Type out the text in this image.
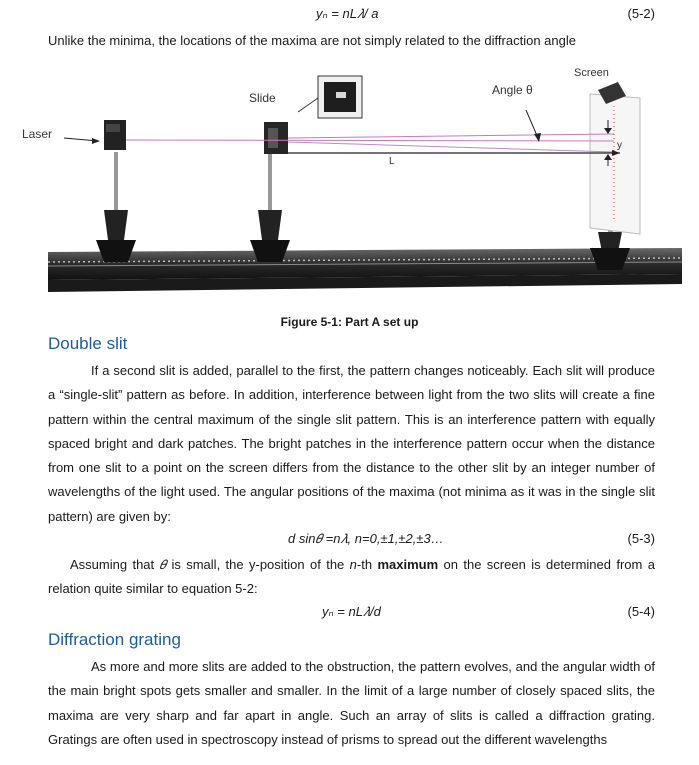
yₙ = nL𝜆/ a	(5-2)

Unlike the minima, the locations of the maxima are not simply related to the diffraction angle

Laser
Slide
Angle θ
Screen
L
y
Figure 5-1: Part A set up
Double slit

If a second slit is added, parallel to the first, the pattern changes noticeably. Each slit will produce a “single-slit” pattern as before. In addition, interference between light from the two slits will create a fine pattern within the central maximum of the single slit pattern. This is an interference pattern with equally spaced bright and dark patches. The bright patches in the interference pattern occur when the distance from one slit to a point on the screen differs from the distance to the other slit by an integer number of wavelengths of the light used. The angular positions of the maxima (not minima as it was in the single slit pattern) are given by:

d sin𝜃 =n𝜆, n=0,±1,±2,±3…	(5-3)

Assuming that 𝜃 is small, the y-position of the n-th maximum on the screen is determined from a relation quite similar to equation 5-2:

yₙ = nL𝜆/d	(5-4)
Diffraction grating

As more and more slits are added to the obstruction, the pattern evolves, and the angular width of the main bright spots gets smaller and smaller. In the limit of a large number of closely spaced slits, the maxima are very sharp and far apart in angle. Such an array of slits is called a diffraction grating. Gratings are often used in spectroscopy instead of prisms to spread out the different wavelengths
